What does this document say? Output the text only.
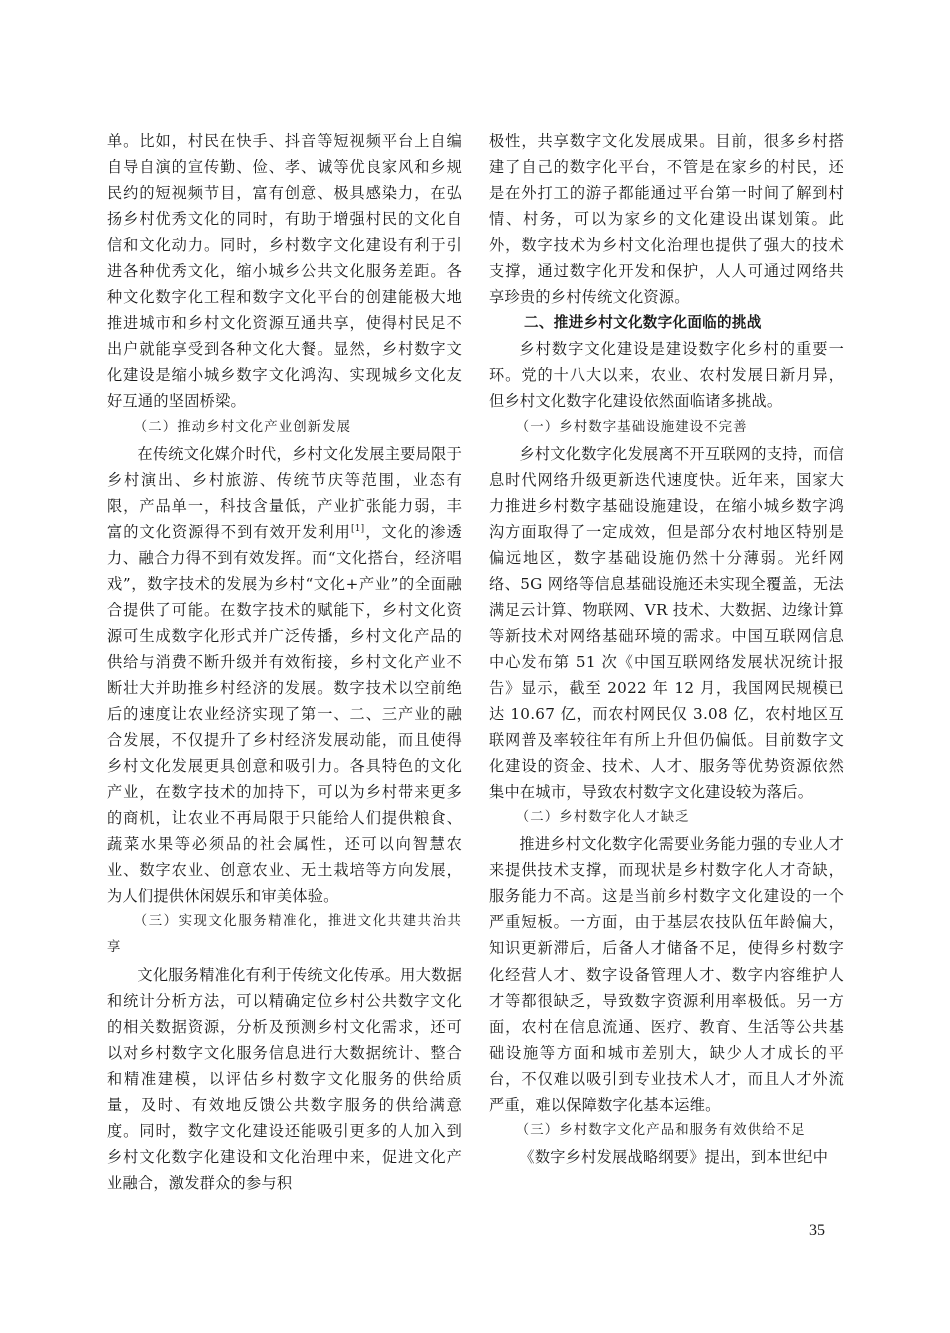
单。比如，村民在快手、抖音等短视频平台上自编自导自演的宣传勤、俭、孝、诚等优良家风和乡规民约的短视频节目，富有创意、极具感染力，在弘扬乡村优秀文化的同时，有助于增强村民的文化自信和文化动力。同时，乡村数字文化建设有利于引进各种优秀文化，缩小城乡公共文化服务差距。各种文化数字化工程和数字文化平台的创建能极大地推进城市和乡村文化资源互通共享，使得村民足不出户就能享受到各种文化大餐。显然，乡村数字文化建设是缩小城乡数字文化鸿沟、实现城乡文化友好互通的坚固桥梁。

（二）推动乡村文化产业创新发展

在传统文化媒介时代，乡村文化发展主要局限于乡村演出、乡村旅游、传统节庆等范围，业态有限，产品单一，科技含量低，产业扩张能力弱，丰富的文化资源得不到有效开发利用[1]，文化的渗透力、融合力得不到有效发挥。而“文化搭台，经济唱戏”，数字技术的发展为乡村“文化+产业”的全面融合提供了可能。在数字技术的赋能下，乡村文化资源可生成数字化形式并广泛传播，乡村文化产品的供给与消费不断升级并有效衔接，乡村文化产业不断壮大并助推乡村经济的发展。数字技术以空前绝后的速度让农业经济实现了第一、二、三产业的融合发展，不仅提升了乡村经济发展动能，而且使得乡村文化发展更具创意和吸引力。各具特色的文化产业，在数字技术的加持下，可以为乡村带来更多的商机，让农业不再局限于只能给人们提供粮食、蔬菜水果等必须品的社会属性，还可以向智慧农业、数字农业、创意农业、无土栽培等方向发展，为人们提供休闲娱乐和审美体验。

（三）实现文化服务精准化，推进文化共建共治共享

文化服务精准化有利于传统文化传承。用大数据和统计分析方法，可以精确定位乡村公共数字文化的相关数据资源，分析及预测乡村文化需求，还可以对乡村数字文化服务信息进行大数据统计、整合和精准建模，以评估乡村数字文化服务的供给质量，及时、有效地反馈公共数字服务的供给满意度。同时，数字文化建设还能吸引更多的人加入到乡村文化数字化建设和文化治理中来，促进文化产业融合，激发群众的参与积

极性，共享数字文化发展成果。目前，很多乡村搭建了自己的数字化平台，不管是在家乡的村民，还是在外打工的游子都能通过平台第一时间了解到村情、村务，可以为家乡的文化建设出谋划策。此外，数字技术为乡村文化治理也提供了强大的技术支撑，通过数字化开发和保护，人人可通过网络共享珍贵的乡村传统文化资源。

二、推进乡村文化数字化面临的挑战

乡村数字文化建设是建设数字化乡村的重要一环。党的十八大以来，农业、农村发展日新月异，但乡村文化数字化建设依然面临诸多挑战。

（一）乡村数字基础设施建设不完善

乡村文化数字化发展离不开互联网的支持，而信息时代网络升级更新迭代速度快。近年来，国家大力推进乡村数字基础设施建设，在缩小城乡数字鸿沟方面取得了一定成效，但是部分农村地区特别是偏远地区，数字基础设施仍然十分薄弱。光纤网络、5G 网络等信息基础设施还未实现全覆盖，无法满足云计算、物联网、VR 技术、大数据、边缘计算等新技术对网络基础环境的需求。中国互联网信息中心发布第 51 次《中国互联网络发展状况统计报告》显示，截至 2022 年 12 月，我国网民规模已达 10.67 亿，而农村网民仅 3.08 亿，农村地区互联网普及率较往年有所上升但仍偏低。目前数字文化建设的资金、技术、人才、服务等优势资源依然集中在城市，导致农村数字文化建设较为落后。

（二）乡村数字化人才缺乏

推进乡村文化数字化需要业务能力强的专业人才来提供技术支撑，而现状是乡村数字化人才奇缺，服务能力不高。这是当前乡村数字文化建设的一个严重短板。一方面，由于基层农技队伍年龄偏大，知识更新滞后，后备人才储备不足，使得乡村数字化经营人才、数字设备管理人才、数字内容维护人才等都很缺乏，导致数字资源利用率极低。另一方面，农村在信息流通、医疗、教育、生活等公共基础设施等方面和城市差别大，缺少人才成长的平台，不仅难以吸引到专业技术人才，而且人才外流严重，难以保障数字化基本运维。

（三）乡村数字文化产品和服务有效供给不足

《数字乡村发展战略纲要》提出，到本世纪中

35
